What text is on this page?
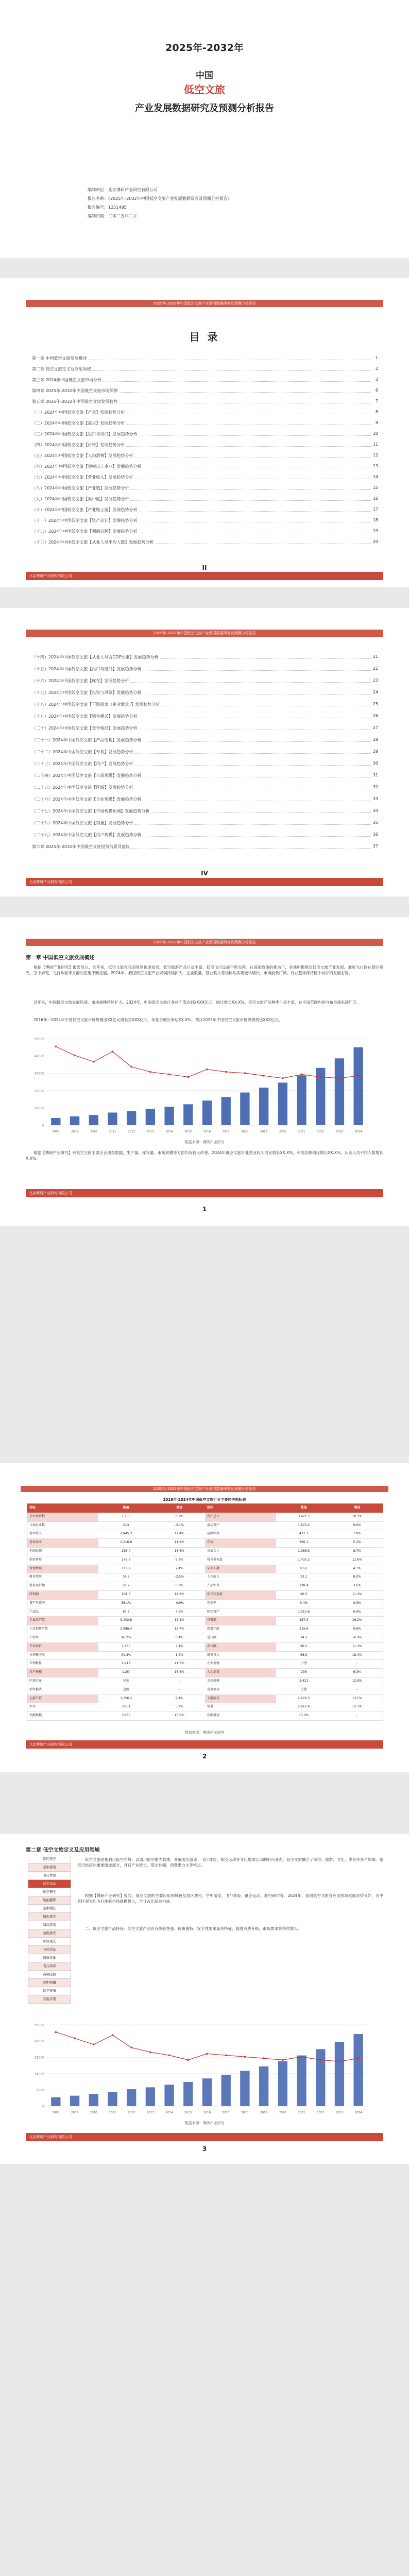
2025年-2032年
中国
低空文旅
产业发展数据研究及预测分析报告
编制单位：北京博研产业研究有限公司
报告名称：《2025年-2032年中国低空文旅产业发展数据研究及预测分析报告》
报告编号：1251495
编制日期：二零二五年二月
2025年-2032年中国低空文旅产业发展数据研究及预测分析报告
目 录
第一章 中国低空文旅发展概述	1
第二章 低空文旅定义及应用领域	2
第三章 2024年中国低空文旅市场分析	3
第四章 2025年-2032年中国低空文旅市场预测	6
第五章 2025年-2032年中国低空文旅发展趋势	7
（一）2024年中国低空文旅【产量】发展趋势分析	8
（二）2024年中国低空文旅【需求】发展趋势分析	9
（三）2024年中国低空文旅【进口与出口】发展趋势分析	10
（四）2024年中国低空文旅【价格】发展趋势分析	11
（五）2024年中国低空文旅【人均消费】发展趋势分析	12
（六）2024年中国低空文旅【规模以上企业】发展趋势分析	13
（七）2024年中国低空文旅【营业收入】发展趋势分析	14
（八）2024年中国低空文旅【产业链】发展趋势分析	15
（九）2024年中国低空文旅【集中度】发展趋势分析	16
（十）2024年中国低空文旅【产业链上游】发展趋势分析	17
（十一）2024年中国低空文旅【资产总计】发展趋势分析	18
（十二）2024年中国低空文旅【利润总额】发展趋势分析	19
（十三）2024年中国低空文旅【从业人员平均人数】发展趋势分析	20
北京博研产业研究有限公司
II
2025年-2032年中国低空文旅产业发展数据研究及预测分析报告
（十四）2024年中国低空文旅【从业人员占GDP比重】发展趋势分析	21
（十五）2024年中国低空文旅【出口与进口】发展趋势分析	22
（十六）2024年中国低空文旅【库存】发展趋势分析	23
（十七）2024年中国低空文旅【投资与风险】发展趋势分析	24
（十八）2024年中国低空文旅【下游需求（企业数量）】发展趋势分析	25
（十九）2024年中国低空文旅【销售模式】发展趋势分析	26
（二十）2024年中国低空文旅【竞争格局】发展趋势分析	27
（二十一）2024年中国低空文旅【产品结构】发展趋势分析	28
（二十二）2024年中国低空文旅【专利】发展趋势分析	29
（二十三）2024年中国低空文旅【用户】发展趋势分析	30
（二十四）2024年中国低空文旅【市场规模】发展趋势分析	31
（二十五）2024年中国低空文旅【区域】发展趋势分析	32
（二十六）2024年中国低空文旅【企业规模】发展趋势分析	33
（二十七）2024年中国低空文旅【市场规模预测】发展趋势分析	34
（二十八）2024年中国低空文旅【销量】发展趋势分析	35
（二十九）2024年中国低空文旅【用户规模】发展趋势分析	36
第六章 2025年-2032年中国低空文旅投资前景及建议	37
北京博研产业研究有限公司
IV
2025年-2032年中国低空文旅产业发展数据研究及预测分析报告
第一章 中国低空文旅发展概述
根据【博研产业研究】报告显示，近年来，低空文旅在我国得到快速发展，低空旅游产品日益丰富，低空飞行设施不断完善。在国家政策的推动下，各地积极推动低空文旅产业发展，通航飞行器在景区观光、空中游览、飞行体验等方面的应用不断拓展。2024年，我国低空文旅产业规模持续扩大，企业数量、营业收入等指标均实现较快增长，市场前景广阔，行业整体保持稳中向好的发展态势。
近年来，中国低空文旅发展迅速，市场规模持续扩大。2024年，中国低空文旅行业总产值达到XXXX亿元，同比增长XX.X%。低空文旅产品种类日益丰富，在全国范围内的分布也越来越广泛。
2016年—2024年中国低空文旅市场规模由XX亿元增长至XXX亿元，年复合增长率达XX.X%。预计2025年中国低空文旅市场规模将达XXX亿元。
0
10000
20000
30000
40000
50000
2008	2009	2010	2011	2012	2013	2014	2015	2016	2017	2018	2019	2020	2021	2022	2023	2024
数据来源：博研产业研究
根据【博研产业研究】对低空文旅主要企业调查数据，生产量、库存量、市场规模等方面均有较大改善。2024年低空文旅行业营业收入同比增长XX.X%，利润总额同比增长XX.X%，从业人员平均人数增长X.X%。
北京博研产业研究有限公司
1
2025年-2032年中国低空文旅产业发展数据研究及预测分析报告
2016年-2024年中国低空文旅行业主要经济指标表
指标	数值	增速	指标	数值	增速
企业单位数	1,256	8.2%	资产总计	3,421.5	10.3%
亏损企业数	213	-3.1%	流动资产	1,872.4	9.6%
营业收入	2,845.3	12.4%	应收账款	412.7	7.8%
营业成本	2,216.8	11.9%	存货	356.1	5.2%
利润总额	268.4	15.6%	负债合计	1,986.3	8.7%
销售费用	142.6	9.3%	所有者权益	1,435.2	12.6%
管理费用	118.9	7.4%	从业人数	8.6万	4.1%
财务费用	36.2	-2.5%	人均收入	33.1	8.0%
税金及附加	28.7	6.8%	产品库存	128.4	3.6%
净利润	201.3	14.2%	出口交货值	96.5	11.3%
资产负债率	58.1%	-0.9%	利润率	9.4%	0.3%
产成品	84.2	4.5%	固定资产	1,012.6	6.9%
工业总产值	3,102.8	13.1%	投资额	487.3	16.2%
工业销售产值	2,986.4	12.7%	新增产能	215.8	9.8%
产销率	96.2%	0.4%	进口额	74.2	-4.3%
平均单价	1,830	2.1%	出口额	96.5	11.3%
市场集中度	31.4%	1.2%	研发投入	68.9	18.4%
专利数量	2,418	21.5%	企业规模	中型	-
用户规模	1.2亿	15.8%	人均消费	236	6.3%
区域分布	华东	-	市场规模	3,421	12.8%
销售模式	直销	-	竞争格局	分散	-
上游产值	1,156.2	9.4%	下游需求	2,874.5	13.5%
库存	356.1	5.2%	销量	2,912.4	12.1%
预测规模	3,865	13.0%	预测增速	13.0%	-
数据来源：博研产业研究
北京博研产业研究有限公司
2
第二章 低空文旅定义及应用领域
景区观光
空中游览
飞行体验
低空运动
航空研学
航拍摄影
空中婚礼
城市观光
海岛游览
山地观光
草原观光
节庆活动
通航营地
飞行培训
高端定制
空中拍摄
低空赛事
其他应用
低空文旅是指利用低空空域，以通用航空器为载体，开展观光游览、飞行体验、航空运动等文化旅游活动的新兴业态。低空文旅融合了航空、旅游、文化、体育等多个领域，是低空经济的重要组成部分，具有产业链长、带动性强、消费潜力大等特点。
根据【博研产业研究】报告，低空文旅的主要应用领域包括景区观光、空中游览、飞行体验、低空运动、航空研学等。2024年，我国低空文旅各应用领域发展态势良好，其中景区观光和飞行体验市场规模最大，合计占比超过六成。
二、低空文旅产品特征：低空文旅产品具有体验性强、视角独特、安全性要求高等特征，随着消费升级，市场需求将持续增长。
0
7000
14000
21000
28000
35000
2008	2009	2010	2011	2012	2013	2014	2015	2016	2017	2018	2019	2020	2021	2022	2023	2024
数据来源：博研产业研究
北京博研产业研究有限公司
3
